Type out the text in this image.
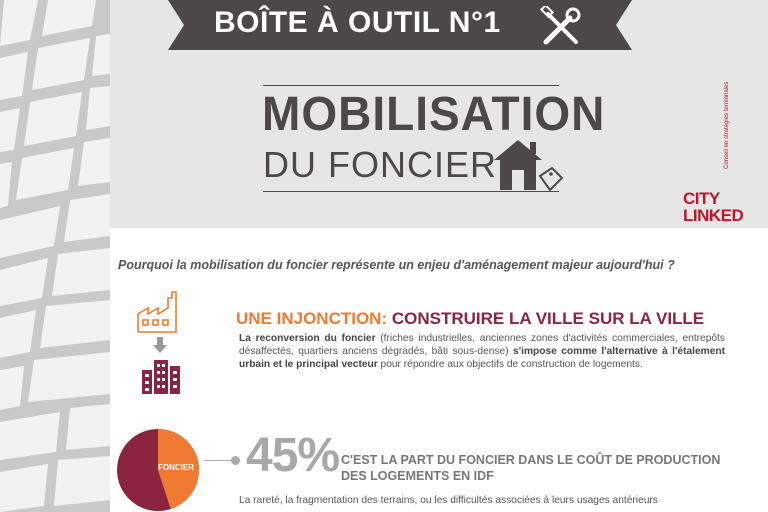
BOÎTE À OUTIL N°1
MOBILISATION
DU FONCIER
CITY
LINKED
Conseil en stratégies territoriales
Pourquoi la mobilisation du foncier représente un enjeu d'aménagement majeur aujourd'hui ?
UNE INJONCTION: CONSTRUIRE LA VILLE SUR LA VILLE
La reconversion du foncier (friches industrielles, anciennes zones d'activités commerciales, entrepôts désaffectés, quartiers anciens dégradés, bâti sous-dense) s'impose comme l'alternative à l'étalement urbain et le principal vecteur pour répondre aux objectifs de construction de logements.
FONCIER 45% C'EST LA PART DU FONCIER DANS LE COÛT DE PRODUCTION DES LOGEMENTS EN IDF
La rareté, la fragmentation des terrains, ou les difficultés associées à leurs usages antérieurs
